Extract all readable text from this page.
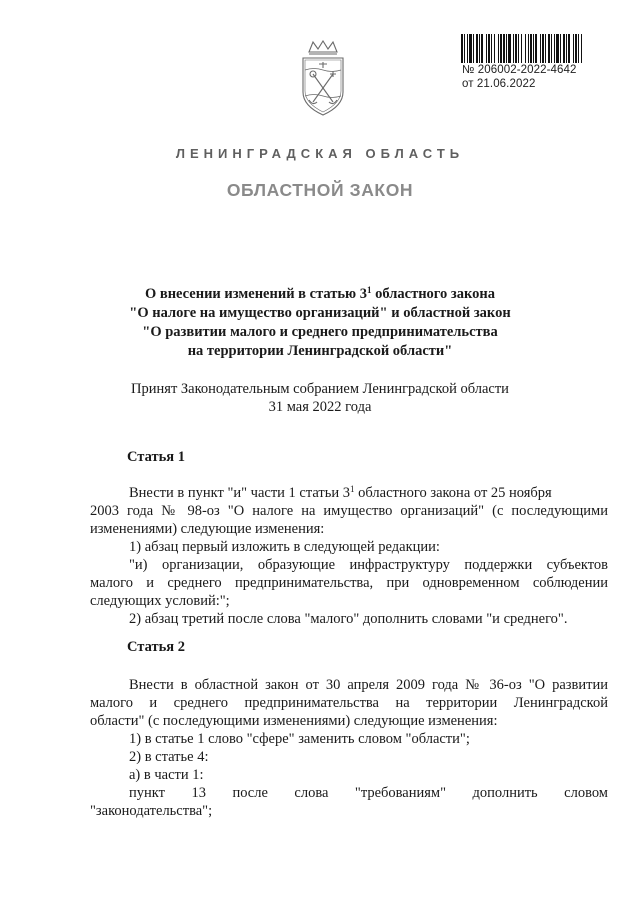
№ 206002-2022-4642
от 21.06.2022
ЛЕНИНГРАДСКАЯ ОБЛАСТЬ
ОБЛАСТНОЙ ЗАКОН
О внесении изменений в статью $3^1$ областного закона
"О налоге на имущество организаций" и областной закон
"О развитии малого и среднего предпринимательства
на территории Ленинградской области"
Принят Законодательным собранием Ленинградской области
31 мая 2022 года
Статья 1
Внести в пункт "и" части 1 статьи $3^1$ областного закона от 25 ноября
2003 года № 98-оз "О налоге на имущество организаций" (с последующими
изменениями) следующие изменения:
1) абзац первый изложить в следующей редакции:
"и) организации, образующие инфраструктуру поддержки субъектов
малого и среднего предпринимательства, при одновременном соблюдении
следующих условий:";
2) абзац третий после слова "малого" дополнить словами "и среднего".
Статья 2
Внести в областной закон от 30 апреля 2009 года № 36-оз "О развитии
малого и среднего предпринимательства на территории Ленинградской
области" (с последующими изменениями) следующие изменения:
1) в статье 1 слово "сфере" заменить словом "области";
2) в статье 4:
а) в части 1:
пункт 13 после слова "требованиям" дополнить словом
"законодательства";
